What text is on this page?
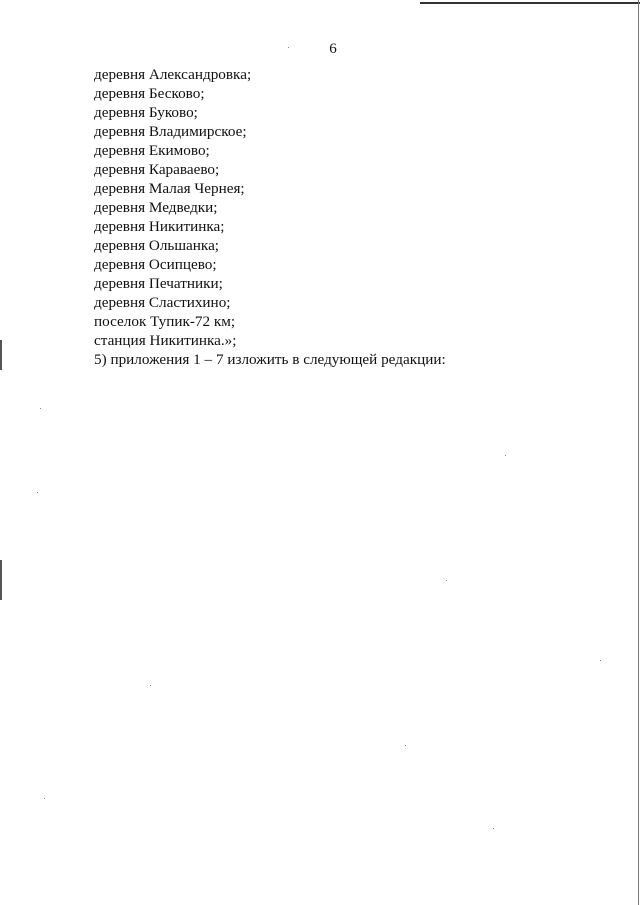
6
деревня Александровка;
деревня Бесково;
деревня Буково;
деревня Владимирское;
деревня Екимово;
деревня Караваево;
деревня Малая Чернея;
деревня Медведки;
деревня Никитинка;
деревня Ольшанка;
деревня Осипцево;
деревня Печатники;
деревня Сластихино;
поселок Тупик-72 км;
станция Никитинка.»;
5) приложения 1 – 7 изложить в следующей редакции:
